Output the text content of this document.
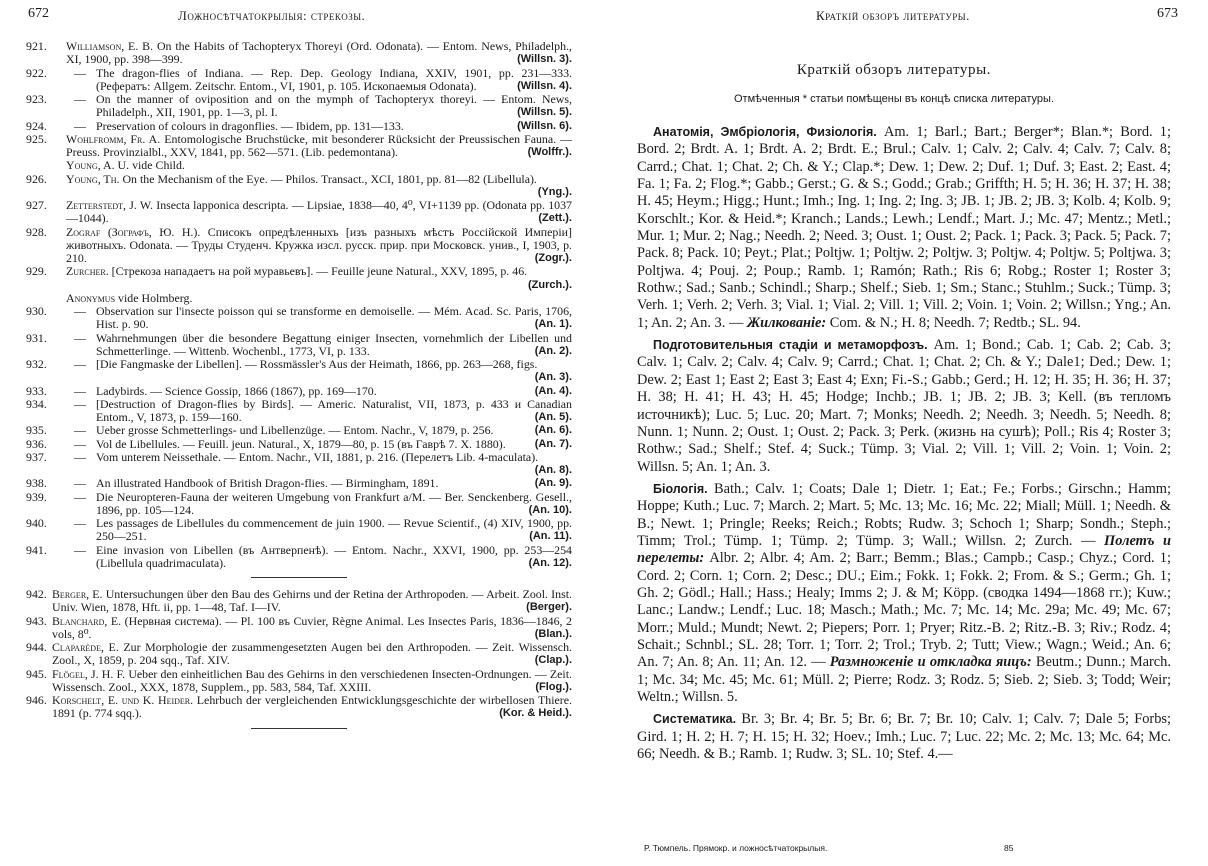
672	Ложносѣтчатокрылыя: стрекозы.
921.	Williamson, E. B. On the Habits of Tachopteryx Thoreyi (Ord. Odonata). — Entom. News, Philadelph., XI, 1900, pp. 398—399.	(Willsn. 3).
922.	— The dragon-flies of Indiana. — Rep. Dep. Geology Indiana, XXIV, 1901, pp. 231—333. (Рефератъ: Allgem. Zeitschr. Entom., VI, 1901, p. 105. Ископаемыя Odonata).	(Willsn. 4).
923.	— On the manner of oviposition and on the mymph of Tachopteryx thoreyi. — Entom. News, Philadelph., XII, 1901, pp. 1—3, pl. I.	(Willsn. 5).
924.	— Preservation of colours in dragonflies. — Ibidem, pp. 131—133.	(Willsn. 6).
925.	Wohlfromm, Fr. A. Entomologische Bruchstücke, mit besonderer Rücksicht der Preussischen Fauna. — Preuss. Provinzialbl., XXV, 1841, pp. 562—571. (Lib. pedemontana).	(Wolffr.).
Young, A. U. vide Child.
926.	Young, Th. On the Mechanism of the Eye. — Philos. Transact., XCI, 1801, pp. 81—82 (Libellula).
(Yng.).
927.	Zetterstedt, J. W. Insecta lapponica descripta. — Lipsiae, 1838—40, 4⁰, VI+1139 pp. (Odonata pp. 1037—1044).	(Zett.).
928.	Zograf (Зографъ, Ю. Н.). Списокъ опредѣленныхъ [изъ разныхъ мѣстъ Россійской Имперіи] животныхъ. Odonata. — Труды Студенч. Кружка изсл. русск. прир. при Московск. унив., I, 1903, p. 210.	(Zogr.).
929.	Zurcher. [Стрекоза нападаетъ на рой муравьевъ]. — Feuille jeune Natural., XXV, 1895, p. 46.
(Zurch.).
Anonymus vide Holmberg.
930.	— Observation sur l'insecte poisson qui se transforme en demoiselle. — Mém. Acad. Sc. Paris, 1706, Hist. p. 90.	(An. 1).
931.	— Wahrnehmungen über die besondere Begattung einiger Insecten, vornehmlich der Libellen und Schmetterlinge. — Wittenb. Wochenbl., 1773, VI, p. 133.	(An. 2).
932.	— [Die Fangmaske der Libellen]. — Rossmässler's Aus der Heimath, 1866, pp. 263—268, figs.
(An. 3).
933.	— Ladybirds. — Science Gossip, 1866 (1867), pp. 169—170.	(An. 4).
934.	— [Destruction of Dragon-flies by Birds]. — Americ. Naturalist, VII, 1873, p. 433 и Canadian Entom., V, 1873, p. 159—160.	(An. 5).
935.	— Ueber grosse Schmetterlings- und Libellenzüge. — Entom. Nachr., V, 1879, p. 256.	(An. 6).
936.	— Vol de Libellules. — Feuill. jeun. Natural., X, 1879—80, p. 15 (въ Гаврѣ 7. X. 1880).	(An. 7).
937.	— Vom unterem Neissethale. — Entom. Nachr., VII, 1881, p. 216. (Перелетъ Lib. 4-maculata).
(An. 8).
938.	— An illustrated Handbook of British Dragon-flies. — Birmingham, 1891.	(An. 9).
939.	— Die Neuropteren-Fauna der weiteren Umgebung von Frankfurt a/M. — Ber. Senckenberg. Gesell., 1896, pp. 105—124.	(An. 10).
940.	— Les passages de Libellules du commencement de juin 1900. — Revue Scientif., (4) XIV, 1900, pp. 250—251.	(An. 11).
941.	— Eine invasion von Libellen (въ Антверпенѣ). — Entom. Nachr., XXVI, 1900, pp. 253—254 (Libellula quadrimaculata).	(An. 12).
942. Berger, E. Untersuchungen über den Bau des Gehirns und der Retina der Arthropoden. — Arbeit. Zool. Inst. Univ. Wien, 1878, Hft. ii, pp. 1—48, Taf. I—IV.	(Berger).
943. Blanchard, E. (Нервная система). — Pl. 100 въ Cuvier, Règne Animal. Les Insectes Paris, 1836—1846, 2 vols, 8⁰.	(Blan.).
944. Claparède, E. Zur Morphologie der zusammengesetzten Augen bei den Arthropoden. — Zeit. Wissensch. Zool., X, 1859, p. 204 sqq., Taf. XIV.	(Clap.).
945. Flögel, J. H. F. Ueber den einheitlichen Bau des Gehirns in den verschiedenen Insecten-Ordnungen. — Zeit. Wissensch. Zool., XXX, 1878, Supplem., pp. 583, 584, Taf. XXIII.	(Flog.).
946. Korschelt, E. und K. Heider. Lehrbuch der vergleichenden Entwicklungsgeschichte der wirbellosen Thiere. 1891 (p. 774 sqq.).	(Kor. & Heid.).
Краткій обзоръ литературы.	673
Краткій обзоръ литературы.
Отмѣченныя * статьи помѣщены въ концѣ списка литературы.

Анатомія, Эмбріологія, Физіологія. Am. 1; Barl.; Bart.; Berger*; Blan.*; Bord. 1; Bord. 2; Brdt. A. 1; Brdt. A. 2; Brdt. E.; Brul.; Calv. 1; Calv. 2; Calv. 4; Calv. 7; Calv. 8; Carrd.; Chat. 1; Chat. 2; Ch. & Y.; Clap.*; Dew. 1; Dew. 2; Duf. 1; Duf. 3; East. 2; East. 4; Fa. 1; Fa. 2; Flog.*; Gabb.; Gerst.; G. & S.; Godd.; Grab.; Griffth; H. 5; H. 36; H. 37; H. 38; H. 45; Heym.; Higg.; Hunt.; Imh.; Ing. 1; Ing. 2; Ing. 3; JB. 1; JB. 2; JB. 3; Kolb. 4; Kolb. 9; Korschlt.; Kor. & Heid.*; Kranch.; Lands.; Lewh.; Lendf.; Mart. J.; Mc. 47; Mentz.; Metl.; Mur. 1; Mur. 2; Nag.; Needh. 2; Need. 3; Oust. 1; Oust. 2; Pack. 1; Pack. 3; Pack. 5; Pack. 7; Pack. 8; Pack. 10; Peyt.; Plat.; Poltjw. 1; Poltjw. 2; Poltjw. 3; Poltjw. 4; Poltjw. 5; Poltjwa. 3; Poltjwa. 4; Pouj. 2; Poup.; Ramb. 1; Ramón; Rath.; Ris 6; Robg.; Roster 1; Roster 3; Rothw.; Sad.; Sanb.; Schindl.; Sharp.; Shelf.; Sieb. 1; Sm.; Stanc.; Stuhlm.; Suck.; Tümp. 3; Verh. 1; Verh. 2; Verh. 3; Vial. 1; Vial. 2; Vill. 1; Vill. 2; Voin. 1; Voin. 2; Willsn.; Yng.; An. 1; An. 2; An. 3. — Жилкованіе: Com. & N.; H. 8; Needh. 7; Redtb.; SL. 94.

Подготовительныя стадіи и метаморфозъ. Am. 1; Bond.; Cab. 1; Cab. 2; Cab. 3; Calv. 1; Calv. 2; Calv. 4; Calv. 9; Carrd.; Chat. 1; Chat. 2; Ch. & Y.; Dale1; Ded.; Dew. 1; Dew. 2; East 1; East 2; East 3; East 4; Exn; Fi.-S.; Gabb.; Gerd.; H. 12; H. 35; H. 36; H. 37; H. 38; H. 41; H. 43; H. 45; Hodge; Inchb.; JB. 1; JB. 2; JB. 3; Kell. (въ тепломъ источникѣ); Luc. 5; Luc. 20; Mart. 7; Monks; Needh. 2; Needh. 3; Needh. 5; Needh. 8; Nunn. 1; Nunn. 2; Oust. 1; Oust. 2; Pack. 3; Perk. (жизнь на сушѣ); Poll.; Ris 4; Roster 3; Rothw.; Sad.; Shelf.; Stef. 4; Suck.; Tümp. 3; Vial. 2; Vill. 1; Vill. 2; Voin. 1; Voin. 2; Willsn. 5; An. 1; An. 3.

Біологія. Bath.; Calv. 1; Coats; Dale 1; Dietr. 1; Eat.; Fe.; Forbs.; Girschn.; Hamm; Hoppe; Kuth.; Luc. 7; March. 2; Mart. 5; Mc. 13; Mc. 16; Mc. 22; Miall; Müll. 1; Needh. & B.; Newt. 1; Pringle; Reeks; Reich.; Robts; Rudw. 3; Schoch 1; Sharp; Sondh.; Steph.; Timm; Trol.; Tümp. 1; Tümp. 2; Tümp. 3; Wall.; Willsn. 2; Zurch. — Полетъ и перелеты: Albr. 2; Albr. 4; Am. 2; Barr.; Bemm.; Blas.; Campb.; Casp.; Chyz.; Cord. 1; Cord. 2; Corn. 1; Corn. 2; Desc.; DU.; Eim.; Fokk. 1; Fokk. 2; From. & S.; Germ.; Gh. 1; Gh. 2; Gödl.; Hall.; Hass.; Healy; Imms 2; J. & M; Köpp. (сводка 1494—1868 гг.); Kuw.; Lanc.; Landw.; Lendf.; Luc. 18; Masch.; Math.; Mc. 7; Mc. 14; Mc. 29a; Mc. 49; Mc. 67; Morr.; Muld.; Mundt; Newt. 2; Piepers; Porr. 1; Pryer; Ritz.-B. 2; Ritz.-B. 3; Riv.; Rodz. 4; Schait.; Schnbl.; SL. 28; Torr. 1; Torr. 2; Trol.; Tryb. 2; Tutt; View.; Wagn.; Weid.; An. 6; An. 7; An. 8; An. 11; An. 12. — Размноженіе и откладка яицъ: Beutm.; Dunn.; March. 1; Mc. 34; Mc. 45; Mc. 61; Müll. 2; Pierre; Rodz. 3; Rodz. 5; Sieb. 2; Sieb. 3; Todd; Weir; Weltn.; Willsn. 5.

Систематика. Br. 3; Br. 4; Br. 5; Br. 6; Br. 7; Br. 10; Calv. 1; Calv. 7; Dale 5; Forbs; Gird. 1; H. 2; H. 7; H. 15; H. 32; Hoev.; Imh.; Luc. 7; Luc. 22; Mc. 2; Mc. 13; Mc. 64; Mc. 66; Needh. & B.; Ramb. 1; Rudw. 3; SL. 10; Stef. 4.—

Р. Тюмпель. Прямокр. и ложносѣтчатокрылыя.	85
